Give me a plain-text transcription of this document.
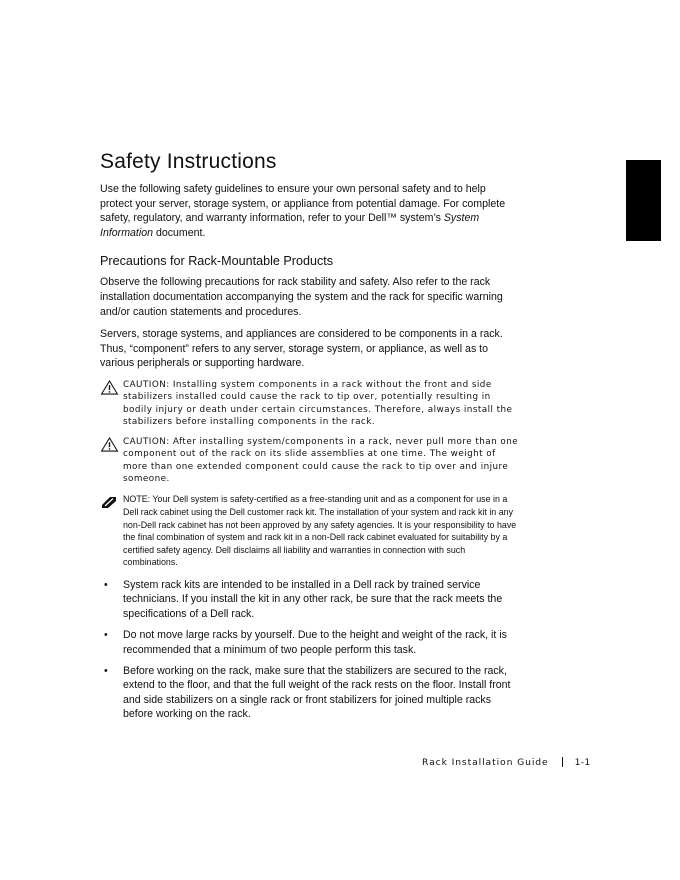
Safety Instructions

Use the following safety guidelines to ensure your own personal safety and to help protect your server, storage system, or appliance from potential damage. For complete safety, regulatory, and warranty information, refer to your Dell™ system’s System Information document.

Precautions for Rack-Mountable Products

Observe the following precautions for rack stability and safety. Also refer to the rack installation documentation accompanying the system and the rack for specific warning and/or caution statements and procedures.

Servers, storage systems, and appliances are considered to be components in a rack. Thus, “component” refers to any server, storage system, or appliance, as well as to various peripherals or supporting hardware.

CAUTION: Installing system components in a rack without the front and side stabilizers installed could cause the rack to tip over, potentially resulting in bodily injury or death under certain circumstances. Therefore, always install the stabilizers before installing components in the rack.
CAUTION: After installing system/components in a rack, never pull more than one component out of the rack on its slide assemblies at one time. The weight of more than one extended component could cause the rack to tip over and injure someone.
NOTE: Your Dell system is safety-certified as a free-standing unit and as a component for use in a Dell rack cabinet using the Dell customer rack kit. The installation of your system and rack kit in any non-Dell rack cabinet has not been approved by any safety agencies. It is your responsibility to have the final combination of system and rack kit in a non-Dell rack cabinet evaluated for suitability by a certified safety agency. Dell disclaims all liability and warranties in connection with such combinations.
• System rack kits are intended to be installed in a Dell rack by trained service technicians. If you install the kit in any other rack, be sure that the rack meets the specifications of a Dell rack.
• Do not move large racks by yourself. Due to the height and weight of the rack, it is recommended that a minimum of two people perform this task.
• Before working on the rack, make sure that the stabilizers are secured to the rack, extend to the floor, and that the full weight of the rack rests on the floor. Install front and side stabilizers on a single rack or front stabilizers for joined multiple racks before working on the rack.
Rack Installation Guide	1-1
